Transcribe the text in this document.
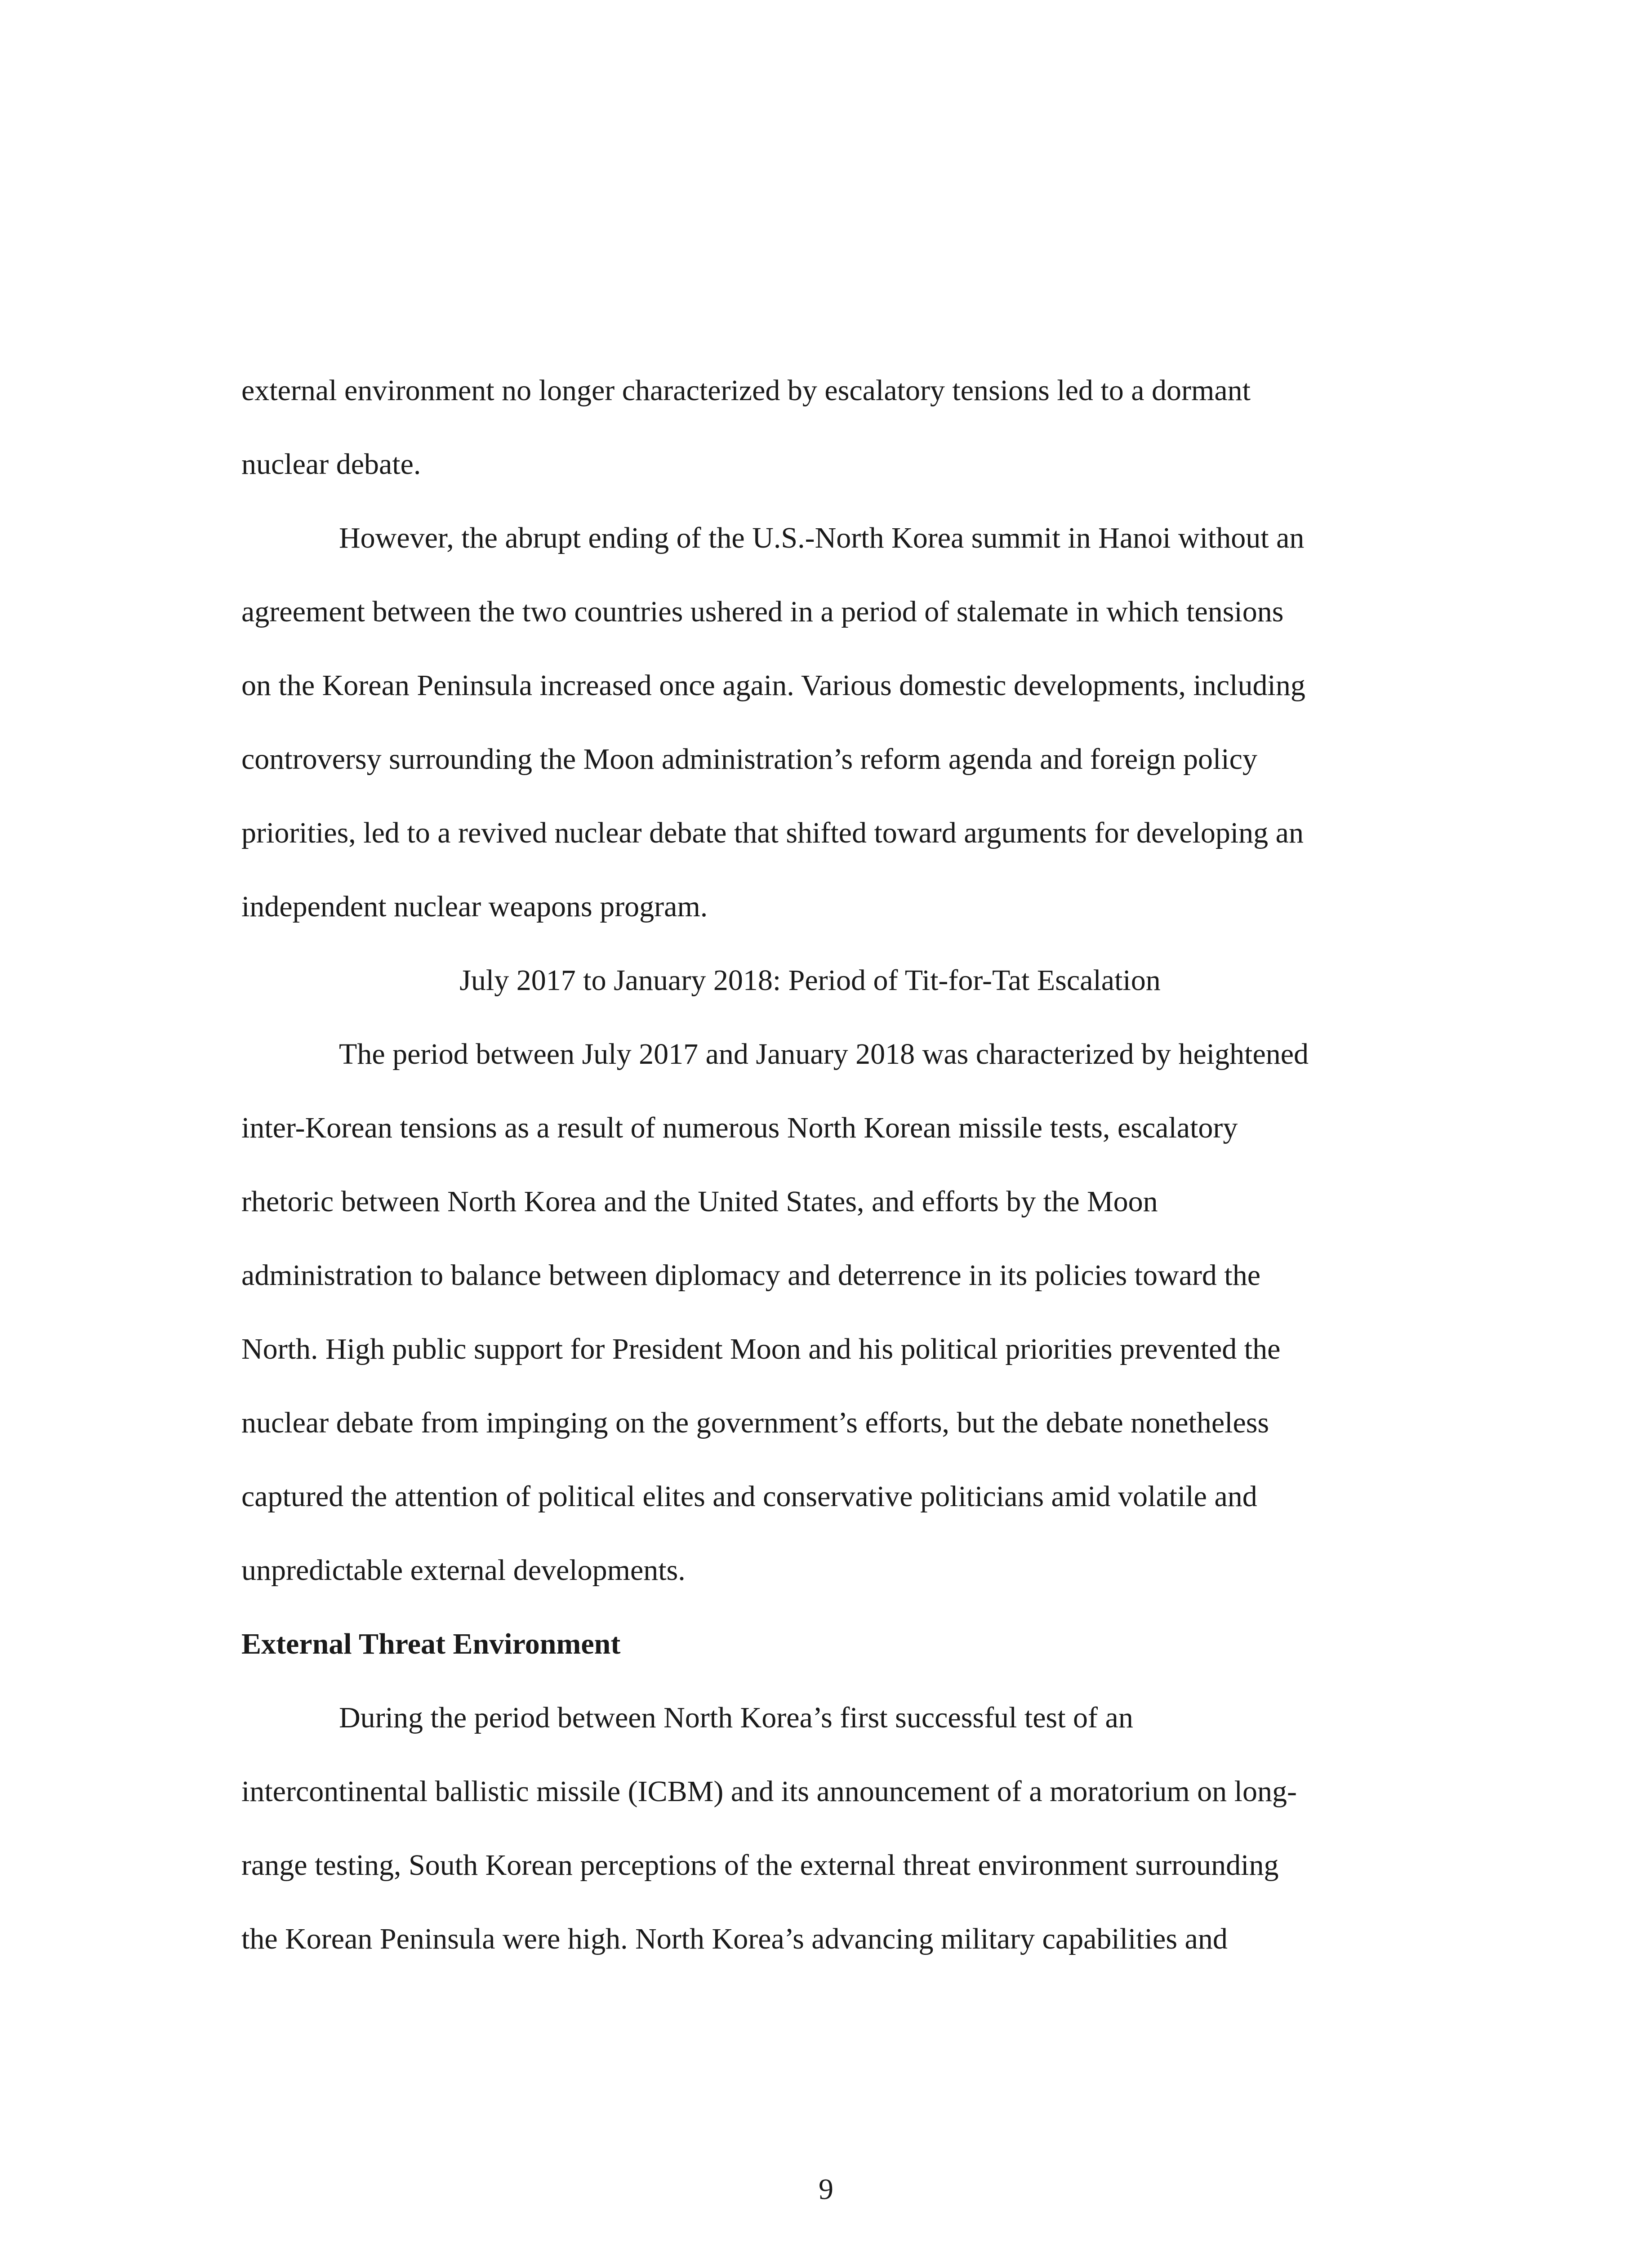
external environment no longer characterized by escalatory tensions led to a dormant
nuclear debate.
However, the abrupt ending of the U.S.-North Korea summit in Hanoi without an
agreement between the two countries ushered in a period of stalemate in which tensions
on the Korean Peninsula increased once again. Various domestic developments, including
controversy surrounding the Moon administration’s reform agenda and foreign policy
priorities, led to a revived nuclear debate that shifted toward arguments for developing an
independent nuclear weapons program.
July 2017 to January 2018: Period of Tit-for-Tat Escalation
The period between July 2017 and January 2018 was characterized by heightened
inter-Korean tensions as a result of numerous North Korean missile tests, escalatory
rhetoric between North Korea and the United States, and efforts by the Moon
administration to balance between diplomacy and deterrence in its policies toward the
North. High public support for President Moon and his political priorities prevented the
nuclear debate from impinging on the government’s efforts, but the debate nonetheless
captured the attention of political elites and conservative politicians amid volatile and
unpredictable external developments.
External Threat Environment
During the period between North Korea’s first successful test of an
intercontinental ballistic missile (ICBM) and its announcement of a moratorium on long-
range testing, South Korean perceptions of the external threat environment surrounding
the Korean Peninsula were high. North Korea’s advancing military capabilities and
9
